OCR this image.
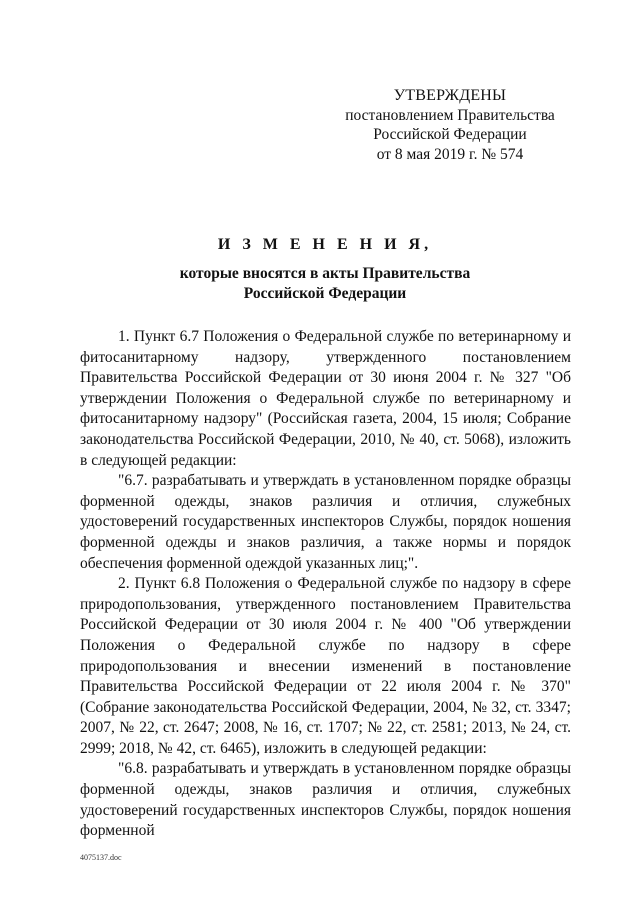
УТВЕРЖДЕНЫ
постановлением Правительства
Российской Федерации
от 8 мая 2019 г. № 574
И З М Е Н Е Н И Я,
которые вносятся в акты Правительства
Российской Федерации

1. Пункт 6.7 Положения о Федеральной службе по ветеринарному и фитосанитарному надзору, утвержденного постановлением Правительства Российской Федерации от 30 июня 2004 г. № 327 "Об утверждении Положения о Федеральной службе по ветеринарному и фитосанитарному надзору" (Российская газета, 2004, 15 июля; Собрание законодательства Российской Федерации, 2010, № 40, ст. 5068), изложить в следующей редакции:

"6.7. разрабатывать и утверждать в установленном порядке образцы форменной одежды, знаков различия и отличия, служебных удостоверений государственных инспекторов Службы, порядок ношения форменной одежды и знаков различия, а также нормы и порядок обеспечения форменной одеждой указанных лиц;".

2. Пункт 6.8 Положения о Федеральной службе по надзору в сфере природопользования, утвержденного постановлением Правительства Российской Федерации от 30 июля 2004 г. № 400 "Об утверждении Положения о Федеральной службе по надзору в сфере природопользования и внесении изменений в постановление Правительства Российской Федерации от 22 июля 2004 г. № 370" (Собрание законодательства Российской Федерации, 2004, № 32, ст. 3347; 2007, № 22, ст. 2647; 2008, № 16, ст. 1707; № 22, ст. 2581; 2013, № 24, ст. 2999; 2018, № 42, ст. 6465), изложить в следующей редакции:

"6.8. разрабатывать и утверждать в установленном порядке образцы форменной одежды, знаков различия и отличия, служебных удостоверений государственных инспекторов Службы, порядок ношения форменной

4075137.doc
